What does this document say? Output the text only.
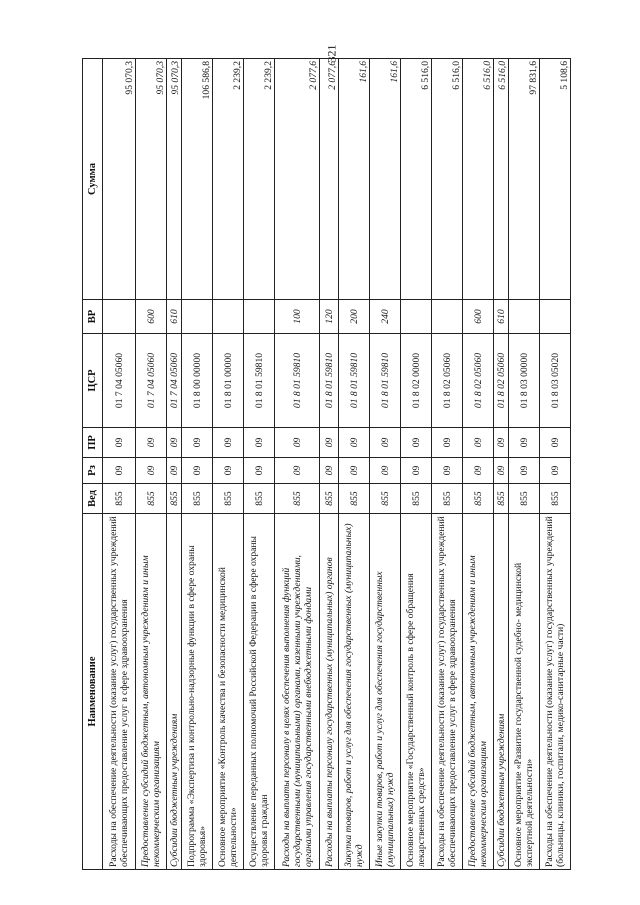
321
Наименование	Вед	Рз	ПР	ЦСР	ВР	Сумма
Расходы на обеспечение деятельности (оказание услуг) государственных учреждений обеспечивающих предоставление услуг в сфере здравоохранения	855	09	09	01 7 04 05060		95 070,3
Предоставление субсидий бюджетным, автономным учреждениям и иным некоммерческим организациям	855	09	09	01 7 04 05060	600	95 070,3
Субсидии бюджетным учреждениям	855	09	09	01 7 04 05060	610	95 070,3
Подпрограмма «Экспертиза и контрольно-надзорные функции в сфере охраны здоровья»	855	09	09	01 8 00 00000		106 586,8
Основное мероприятие «Контроль качества и безопасности медицинской деятельности»	855	09	09	01 8 01 00000		2 239,2
Осуществление переданных полномочий Российской Федерации в сфере охраны здоровья граждан	855	09	09	01 8 01 59810		2 239,2
Расходы на выплаты персоналу в целях обеспечения выполнения функций государственными (муниципальными) органами, казенными учреждениями, органами управления государственными внебюджетными фондами	855	09	09	01 8 01 59810	100	2 077,6
Расходы на выплаты персоналу государственных (муниципальных) органов	855	09	09	01 8 01 59810	120	2 077,6
Закупка товаров, работ и услуг для обеспечения государственных (муниципальных) нужд	855	09	09	01 8 01 59810	200	161,6
Иные закупки товаров, работ и услуг для обеспечения государственных (муниципальных) нужд	855	09	09	01 8 01 59810	240	161,6
Основное мероприятие «Государственный контроль в сфере обращения лекарственных средств»	855	09	09	01 8 02 00000		6 516,0
Расходы на обеспечение деятельности (оказание услуг) государственных учреждений обеспечивающих предоставление услуг в сфере здравоохранения	855	09	09	01 8 02 05060		6 516,0
Предоставление субсидий бюджетным, автономным учреждениям и иным некоммерческим организациям	855	09	09	01 8 02 05060	600	6 516,0
Субсидии бюджетным учреждениям	855	09	09	01 8 02 05060	610	6 516,0
Основное мероприятие «Развитие государственной судебно- медицинской экспертной деятельности»	855	09	09	01 8 03 00000		97 831,6
Расходы на обеспечение деятельности (оказание услуг) государственных учреждений (больницы, клиники, госпитали, медико-санитарные части)	855	09	09	01 8 03 05020		5 108,6
